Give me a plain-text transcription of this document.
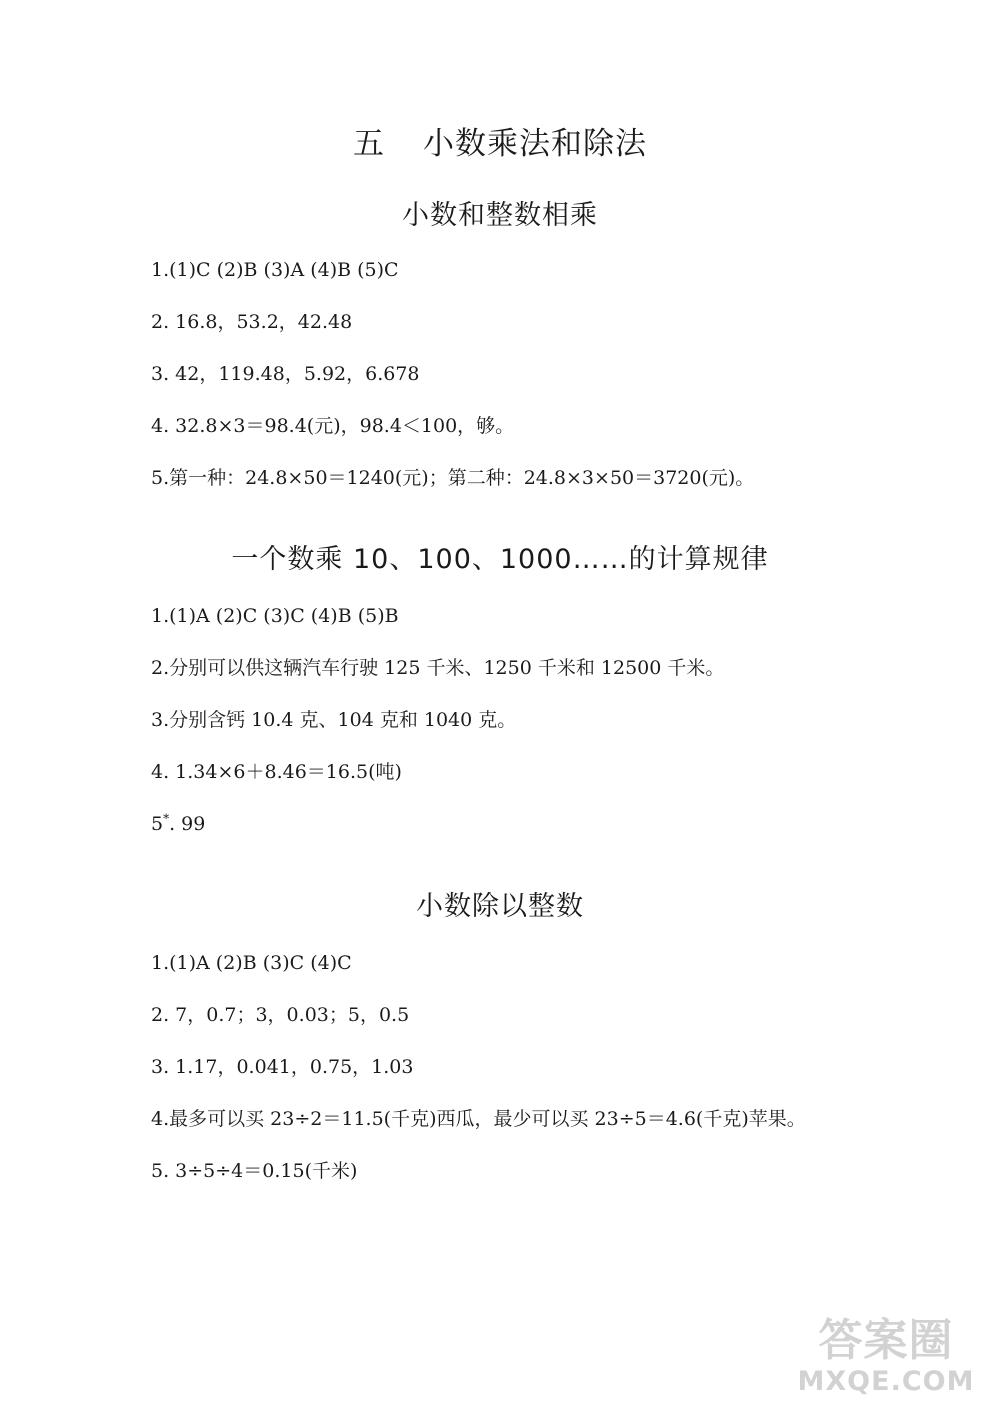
五 小数乘法和除法
小数和整数相乘
1.(1)C (2)B (3)A (4)B (5)C
2. 16.8，53.2，42.48
3. 42，119.48，5.92，6.678
4. 32.8×3＝98.4(元)，98.4＜100，够。
5.第一种：24.8×50＝1240(元)；第二种：24.8×3×50＝3720(元)。
一个数乘 10、100、1000……的计算规律
1.(1)A (2)C (3)C (4)B (5)B
2.分别可以供这辆汽车行驶 125 千米、1250 千米和 12500 千米。
3.分别含钙 10.4 克、104 克和 1040 克。
4. 1.34×6＋8.46＝16.5(吨)
5*. 99
小数除以整数
1.(1)A (2)B (3)C (4)C
2. 7，0.7；3，0.03；5，0.5
3. 1.17，0.041，0.75，1.03
4.最多可以买 23÷2＝11.5(千克)西瓜，最少可以买 23÷5＝4.6(千克)苹果。
5. 3÷5÷4＝0.15(千米)
答案圈
MXQE.COM
